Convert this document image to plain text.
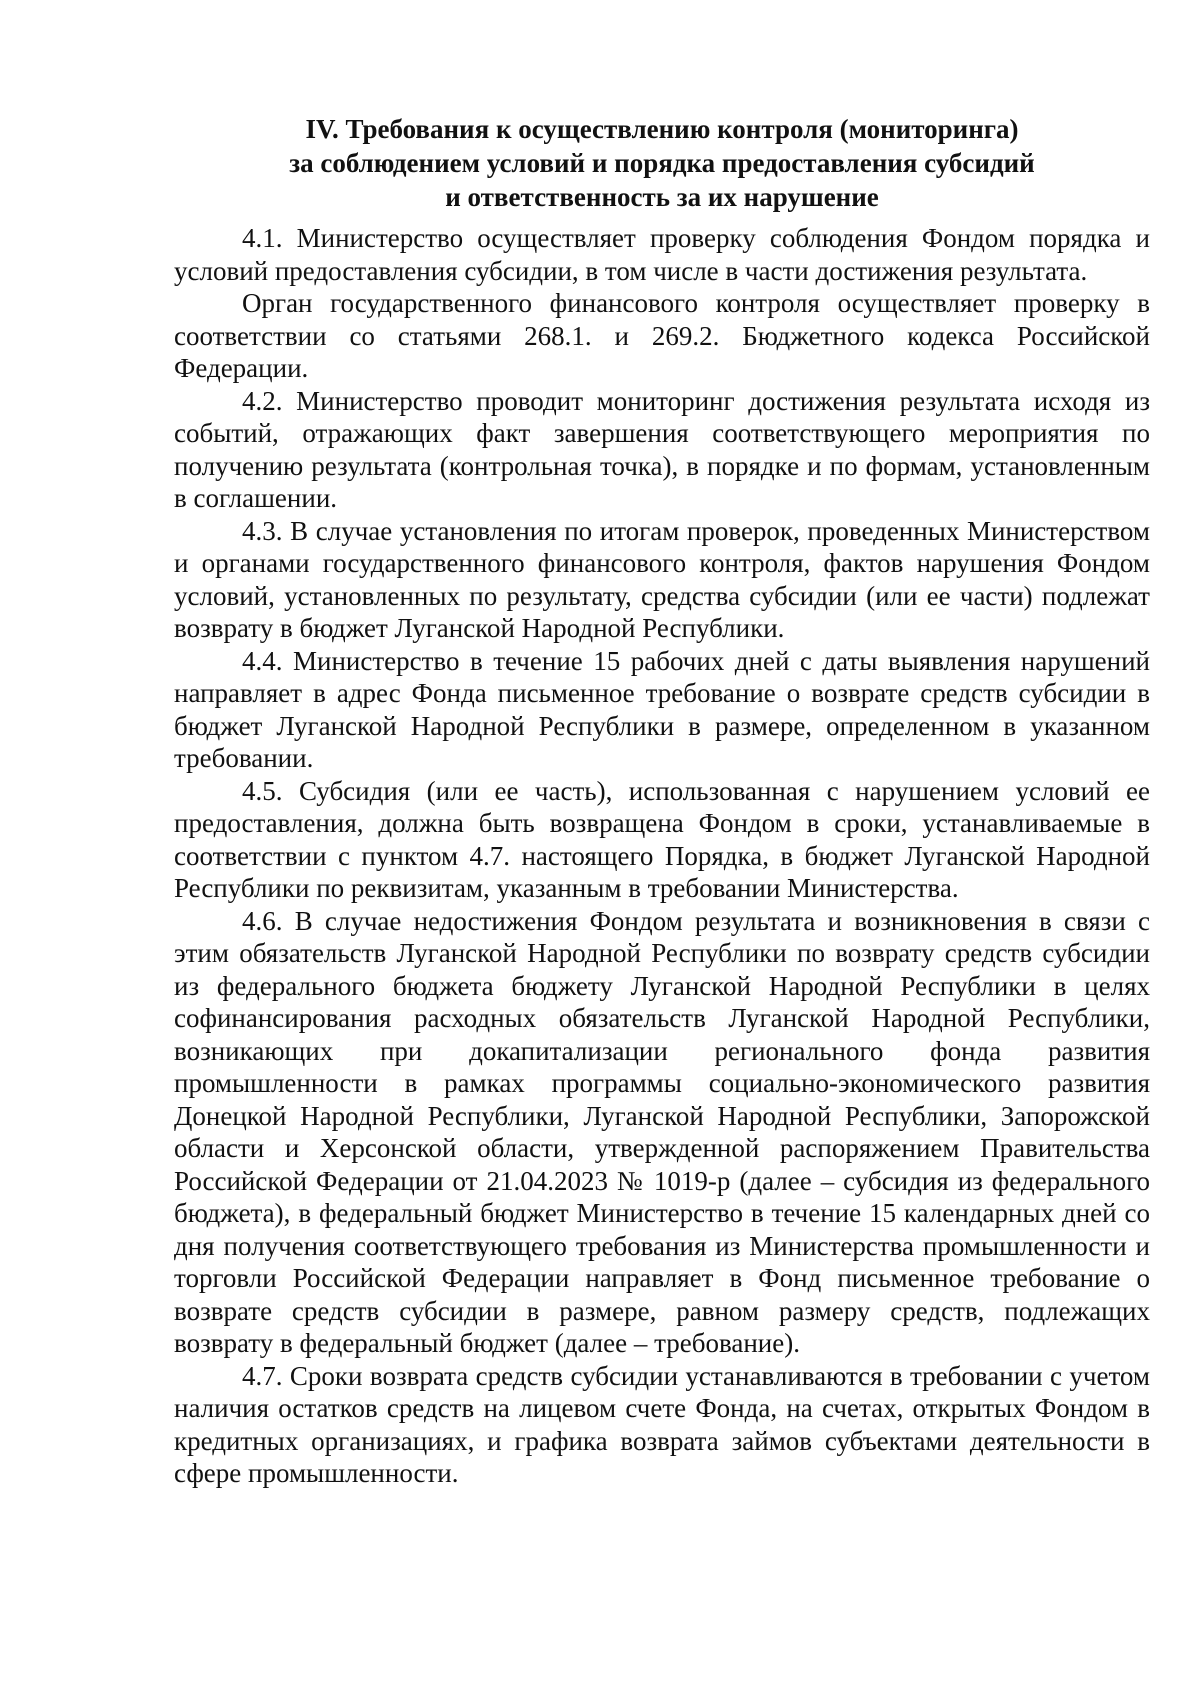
IV. Требования к осуществлению контроля (мониторинга)
за соблюдением условий и порядка предоставления субсидий
и ответственность за их нарушение

4.1. Министерство осуществляет проверку соблюдения Фондом порядка и условий предоставления субсидии, в том числе в части достижения результата.

Орган государственного финансового контроля осуществляет проверку в соответствии со статьями 268.1. и 269.2. Бюджетного кодекса Российской Федерации.

4.2. Министерство проводит мониторинг достижения результата исходя из событий, отражающих факт завершения соответствующего мероприятия по получению результата (контрольная точка), в порядке и по формам, установленным в соглашении.

4.3. В случае установления по итогам проверок, проведенных Министерством и органами государственного финансового контроля, фактов нарушения Фондом условий, установленных по результату, средства субсидии (или ее части) подлежат возврату в бюджет Луганской Народной Республики.

4.4. Министерство в течение 15 рабочих дней с даты выявления нарушений направляет в адрес Фонда письменное требование о возврате средств субсидии в бюджет Луганской Народной Республики в размере, определенном в указанном требовании.

4.5. Субсидия (или ее часть), использованная с нарушением условий ее предоставления, должна быть возвращена Фондом в сроки, устанавливаемые в соответствии с пунктом 4.7. настоящего Порядка, в бюджет Луганской Народной Республики по реквизитам, указанным в требовании Министерства.

4.6. В случае недостижения Фондом результата и возникновения в связи с этим обязательств Луганской Народной Республики по возврату средств субсидии из федерального бюджета бюджету Луганской Народной Республики в целях софинансирования расходных обязательств Луганской Народной Республики, возникающих при докапитализации регионального фонда развития промышленности в рамках программы социально-экономического развития Донецкой Народной Республики, Луганской Народной Республики, Запорожской области и Херсонской области, утвержденной распоряжением Правительства Российской Федерации от 21.04.2023 № 1019-р (далее – субсидия из федерального бюджета), в федеральный бюджет Министерство в течение 15 календарных дней со дня получения соответствующего требования из Министерства промышленности и торговли Российской Федерации направляет в Фонд письменное требование о возврате средств субсидии в размере, равном размеру средств, подлежащих возврату в федеральный бюджет (далее – требование).

4.7. Сроки возврата средств субсидии устанавливаются в требовании с учетом наличия остатков средств на лицевом счете Фонда, на счетах, открытых Фондом в кредитных организациях, и графика возврата займов субъектами деятельности в сфере промышленности.
